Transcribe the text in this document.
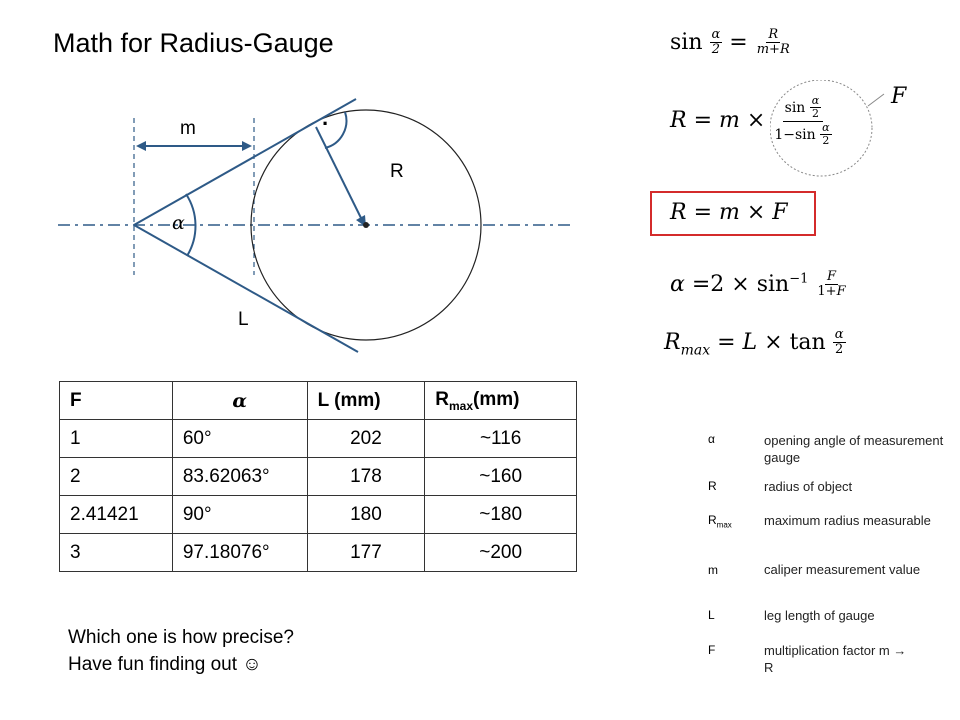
Math for Radius-Gauge
m
R
L
α
·
$\sin \frac{\alpha}{2} = \frac{R}{m+R}$
F
$R = m \times \frac{\sin \frac{\alpha}{2}}{1-\sin \frac{\alpha}{2}}$
R = m × F
$\alpha =2 \times \sin^{-1} \frac{F}{1+F}$
$R_{max} = L \times \tan \frac{\alpha}{2}$
F	α	L (mm)	$R_{max}(mm)$
1	60°	202	~116
2	83.62063°	178	~160
2.41421	90°	180	~180
3	97.18076°	177	~200
Which one is how precise?
Have fun finding out ☺
α	opening angle of measurement gauge
R	radius of object
$R_{max}$ maximum radius measurable
m	caliper measurement value
L	leg length of gauge
F	multiplication factor m → R
